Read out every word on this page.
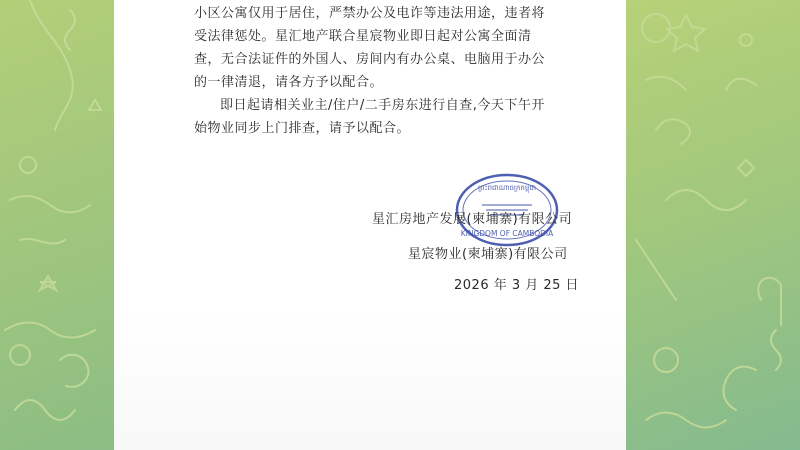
小区公寓仅用于居住，严禁办公及电诈等违法用途，违者将受法律惩处。星汇地产联合星宸物业即日起对公寓全面清查，无合法证件的外国人、房间内有办公桌、电脑用于办公的一律清退，请各方予以配合。

即日起请相关业主/住户/二手房东进行自查,今天下午开始物业同步上门排查，请予以配合。

ព្រះរាជាណាចក្រកម្ពុជា
KINGDOM OF CAMBODIA
星汇房地产发展(柬埔寨)有限公司
星宸物业(柬埔寨)有限公司
2026 年 3 月 25 日
